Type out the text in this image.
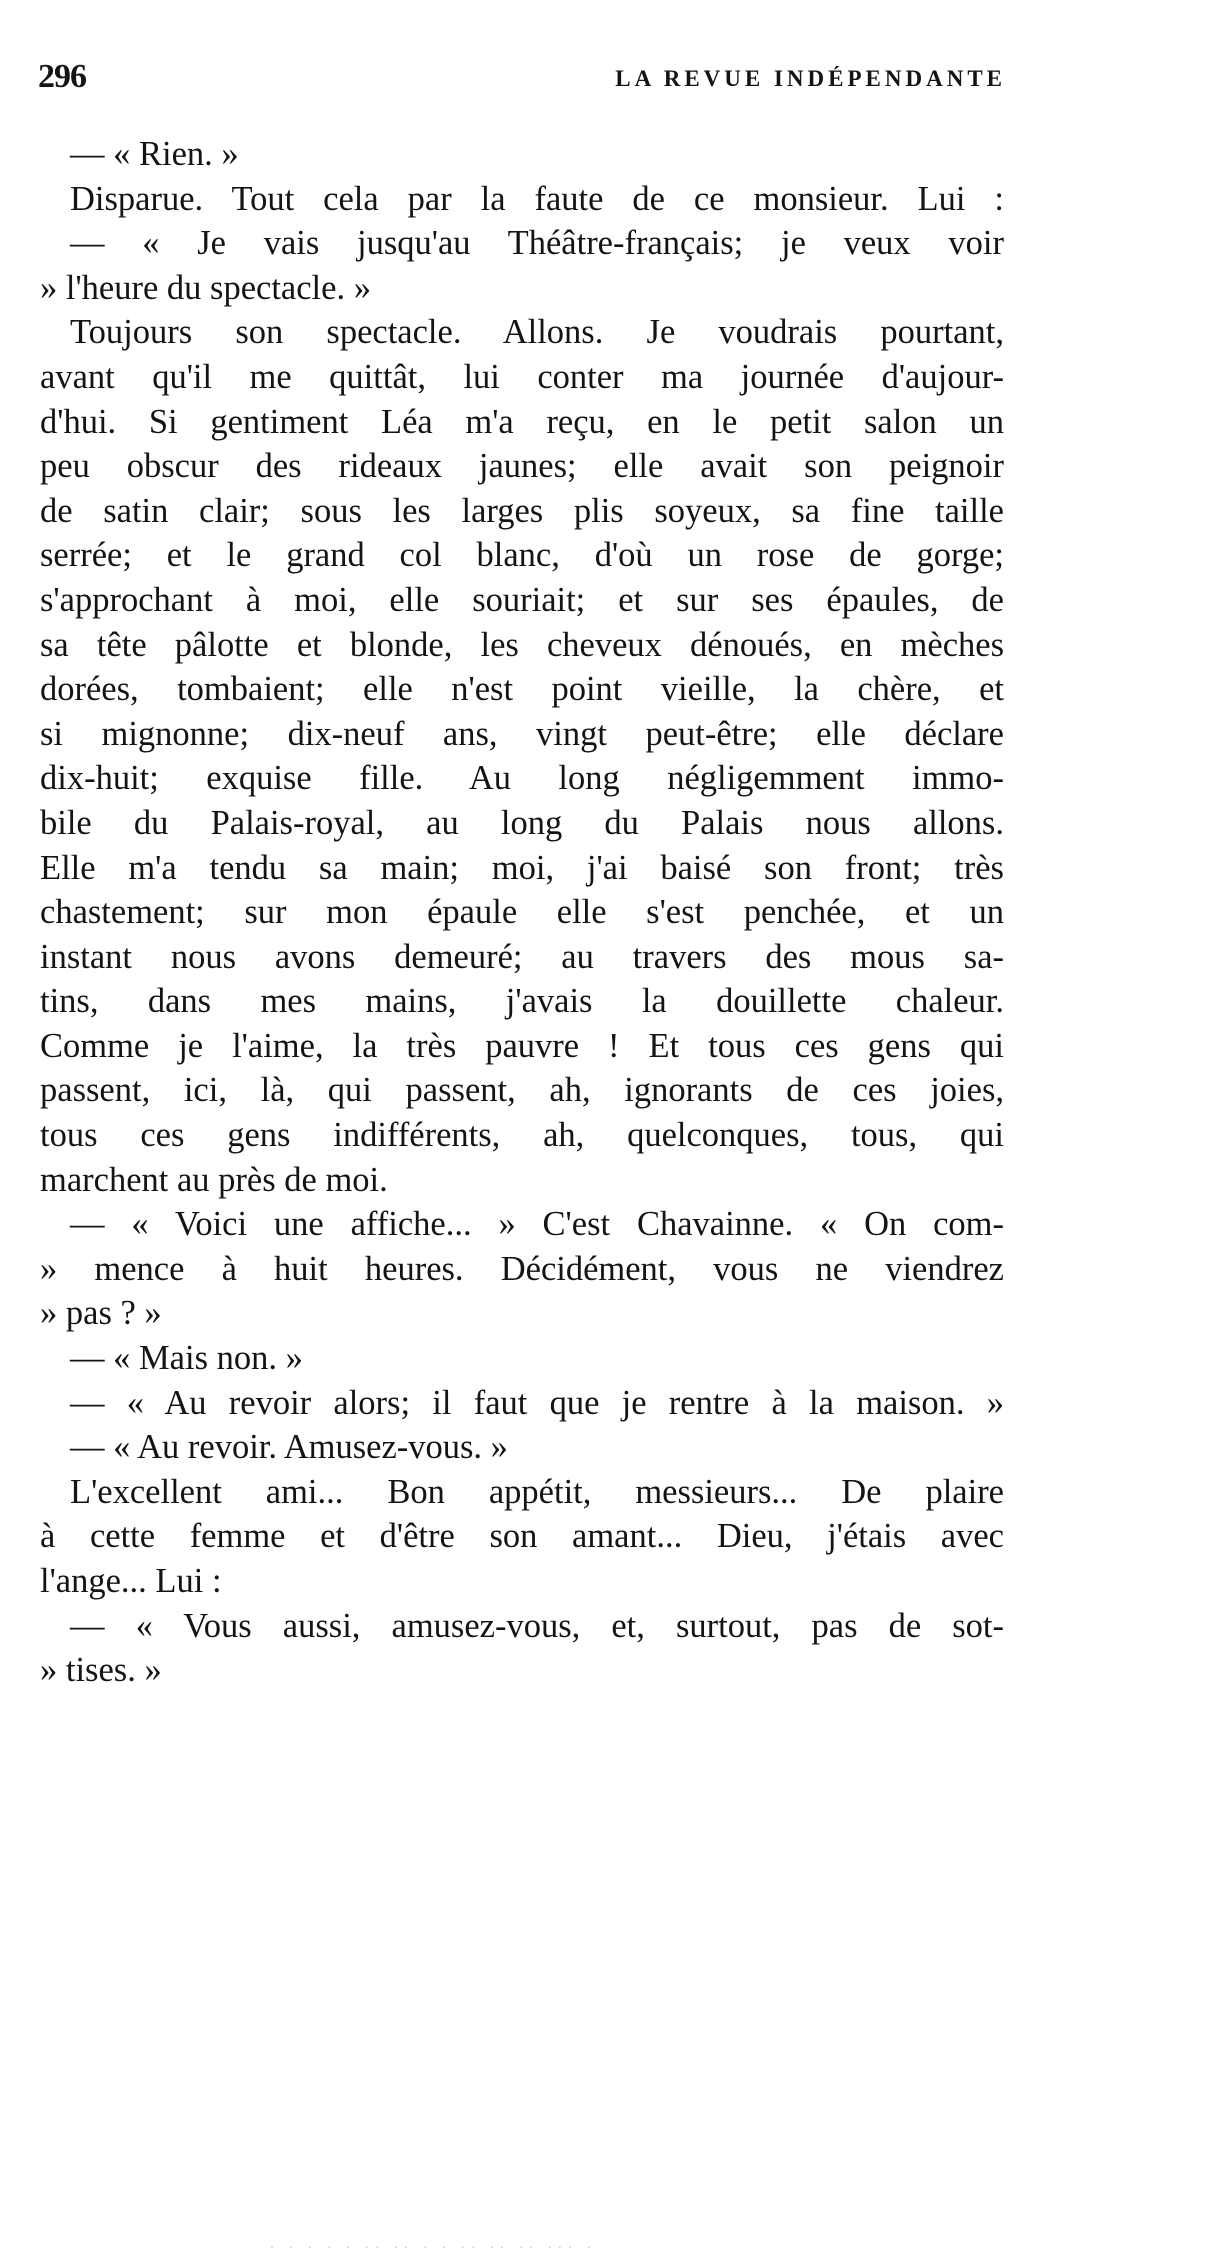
296	LA REVUE INDÉPENDANTE
— « Rien. »
Disparue. Tout cela par la faute de ce monsieur. Lui :
— « Je vais jusqu'au Théâtre-français; je veux voir
» l'heure du spectacle. »
Toujours son spectacle. Allons. Je voudrais pourtant,
avant qu'il me quittât, lui conter ma journée d'aujour-
d'hui. Si gentiment Léa m'a reçu, en le petit salon un
peu obscur des rideaux jaunes; elle avait son peignoir
de satin clair; sous les larges plis soyeux, sa fine taille
serrée; et le grand col blanc, d'où un rose de gorge;
s'approchant à moi, elle souriait; et sur ses épaules, de
sa tête pâlotte et blonde, les cheveux dénoués, en mèches
dorées, tombaient; elle n'est point vieille, la chère, et
si mignonne; dix-neuf ans, vingt peut-être; elle déclare
dix-huit; exquise fille. Au long négligemment immo-
bile du Palais-royal, au long du Palais nous allons.
Elle m'a tendu sa main; moi, j'ai baisé son front; très
chastement; sur mon épaule elle s'est penchée, et un
instant nous avons demeuré; au travers des mous sa-
tins, dans mes mains, j'avais la douillette chaleur.
Comme je l'aime, la très pauvre ! Et tous ces gens qui
passent, ici, là, qui passent, ah, ignorants de ces joies,
tous ces gens indifférents, ah, quelconques, tous, qui
marchent au près de moi.
— « Voici une affiche... » C'est Chavainne. « On com-
» mence à huit heures. Décidément, vous ne viendrez
» pas ? »
— « Mais non. »
— « Au revoir alors; il faut que je rentre à la maison. »
— « Au revoir. Amusez-vous. »
L'excellent ami... Bon appétit, messieurs... De plaire
à cette femme et d'être son amant... Dieu, j'étais avec
l'ange... Lui :
— « Vous aussi, amusez-vous, et, surtout, pas de sot-
» tises. »
· · · · · ·· ·· · · ·· ·· ·· ··· ·
